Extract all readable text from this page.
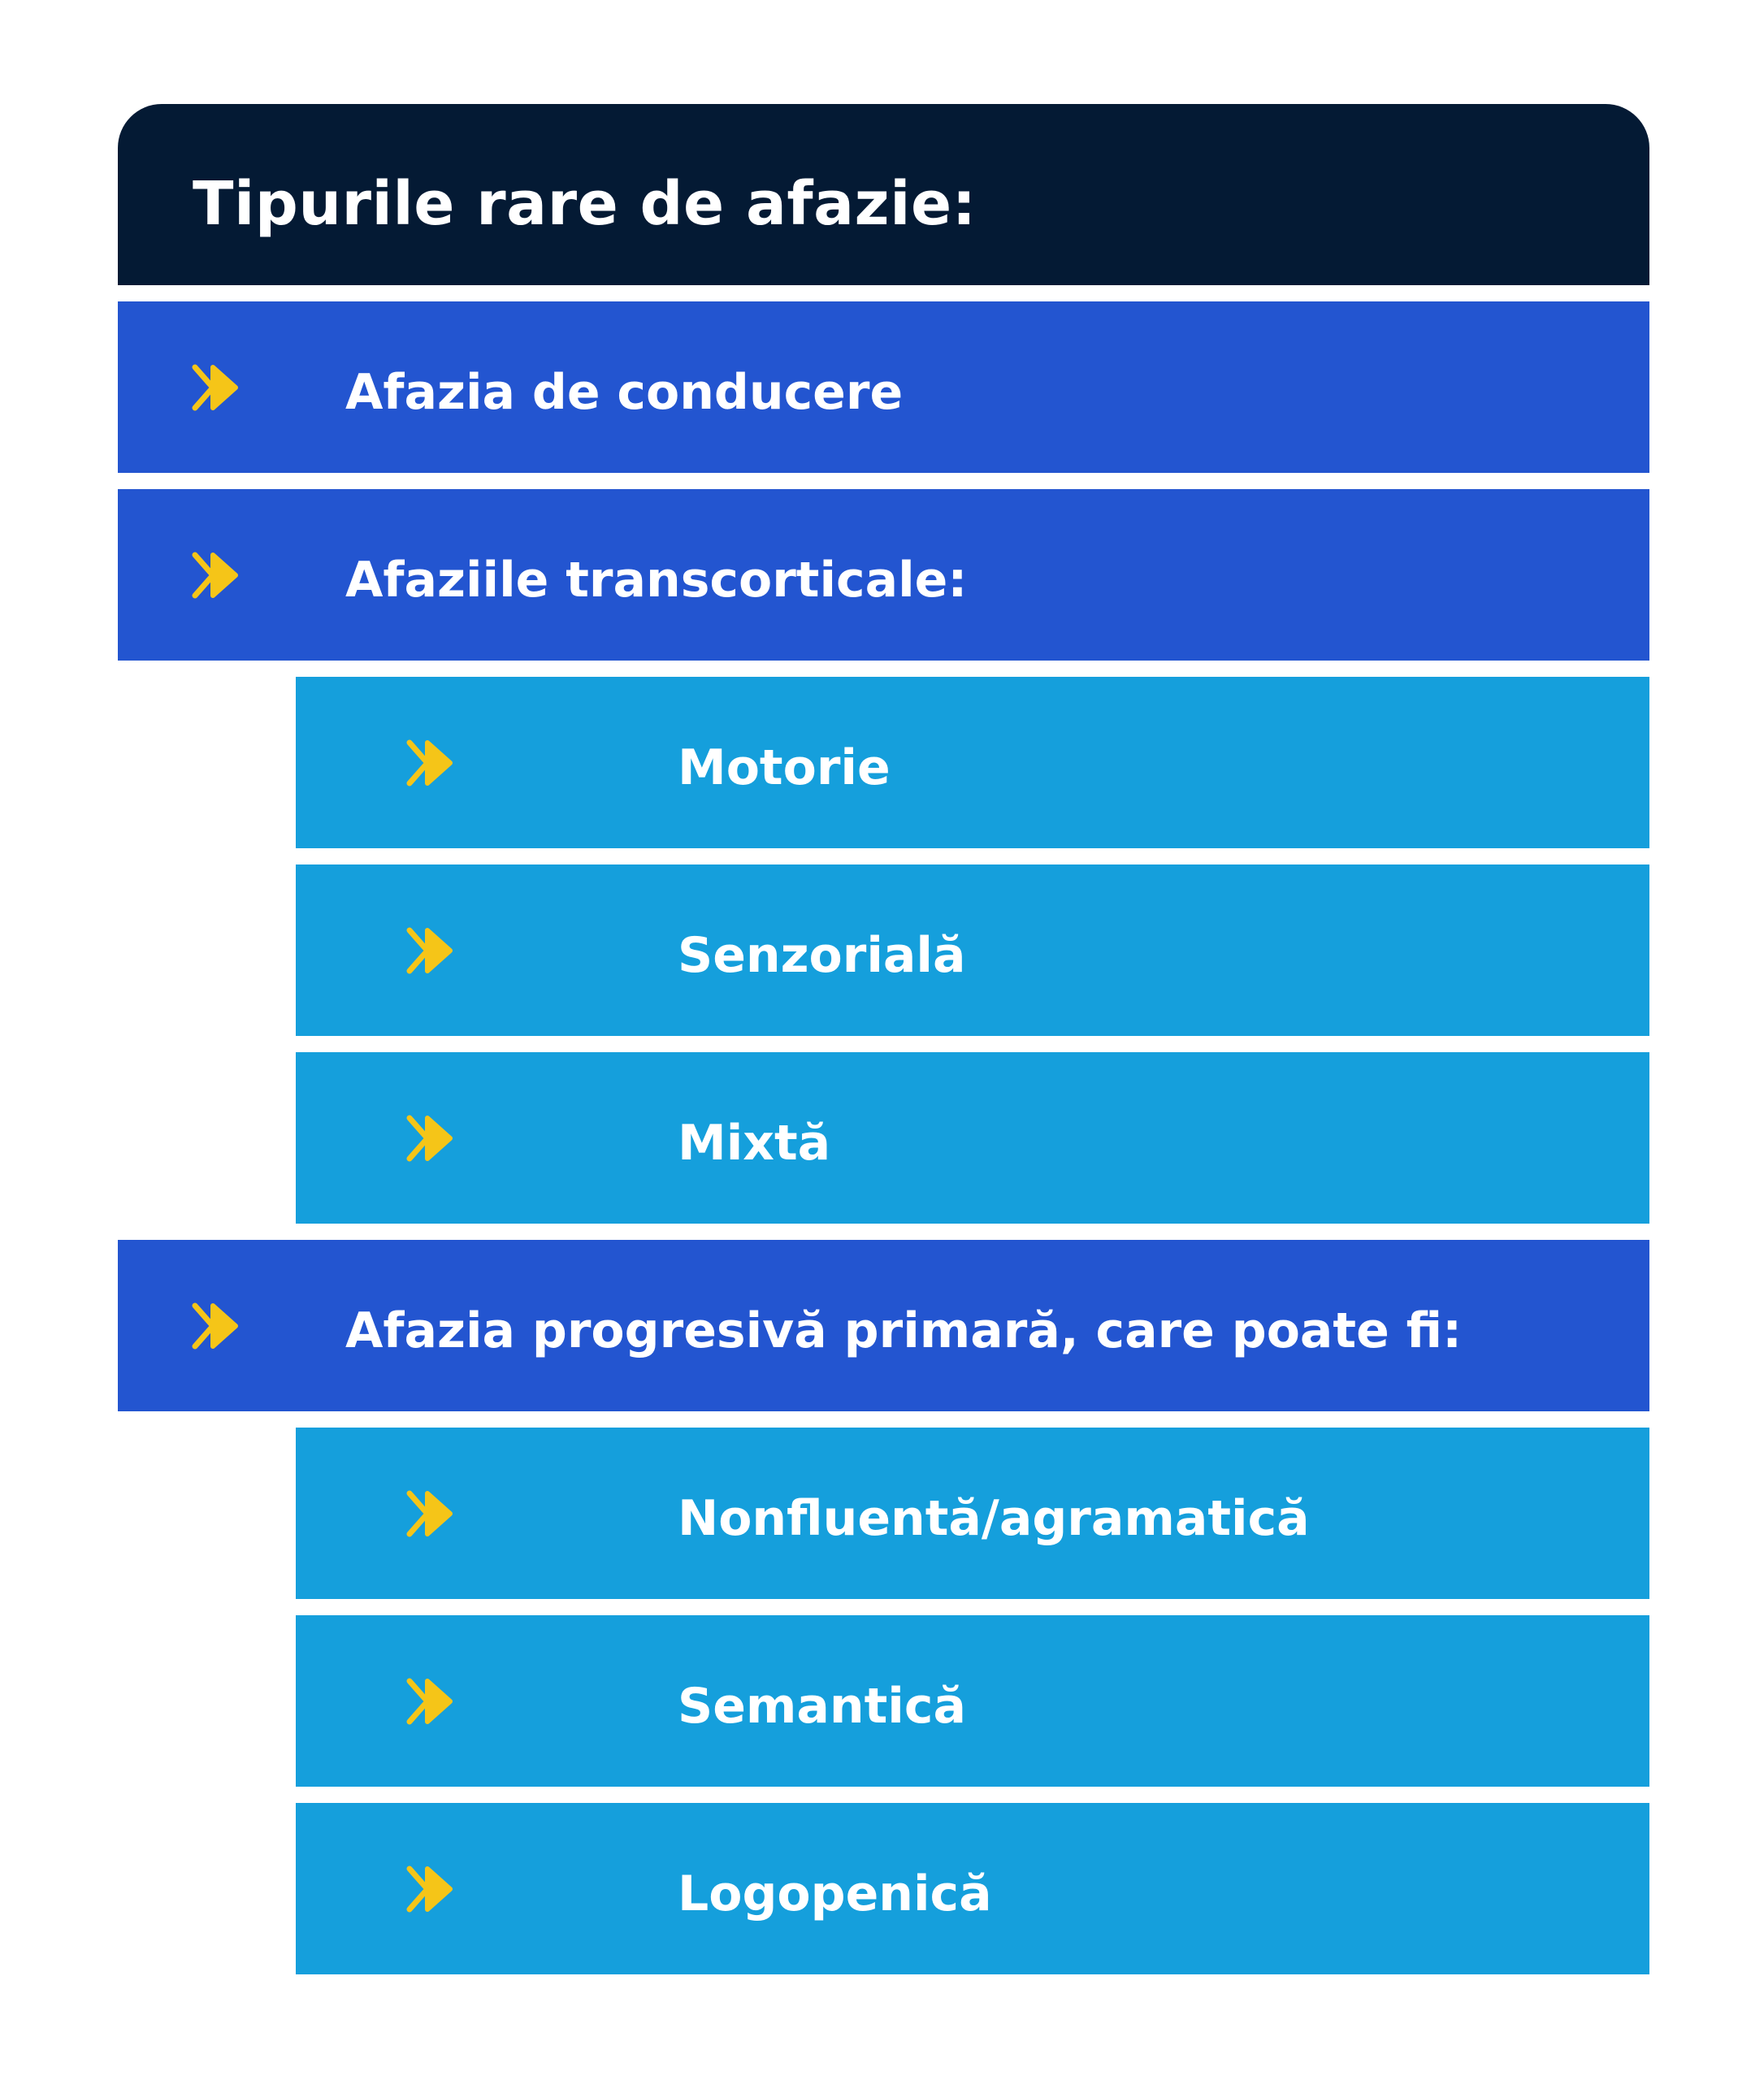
Tipurile rare de afazie:
Afazia de conducere
Afaziile transcorticale:
Motorie
Senzorială
Mixtă
Afazia progresivă primară, care poate fi:
Nonfluentă/agramatică
Semantică
Logopenică
